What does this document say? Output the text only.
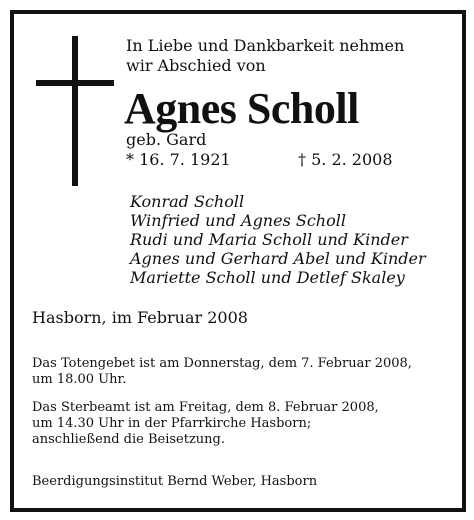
In Liebe und Dankbarkeit nehmen
wir Abschied von
Agnes Scholl
geb. Gard
* 16. 7. 1921	† 5. 2. 2008
Konrad Scholl
Winfried und Agnes Scholl
Rudi und Maria Scholl und Kinder
Agnes und Gerhard Abel und Kinder
Mariette Scholl und Detlef Skaley
Hasborn, im Februar 2008
Das Totengebet ist am Donnerstag, dem 7. Februar 2008,
um 18.00 Uhr.
Das Sterbeamt ist am Freitag, dem 8. Februar 2008,
um 14.30 Uhr in der Pfarrkirche Hasborn;
anschließend die Beisetzung.
Beerdigungsinstitut Bernd Weber, Hasborn
